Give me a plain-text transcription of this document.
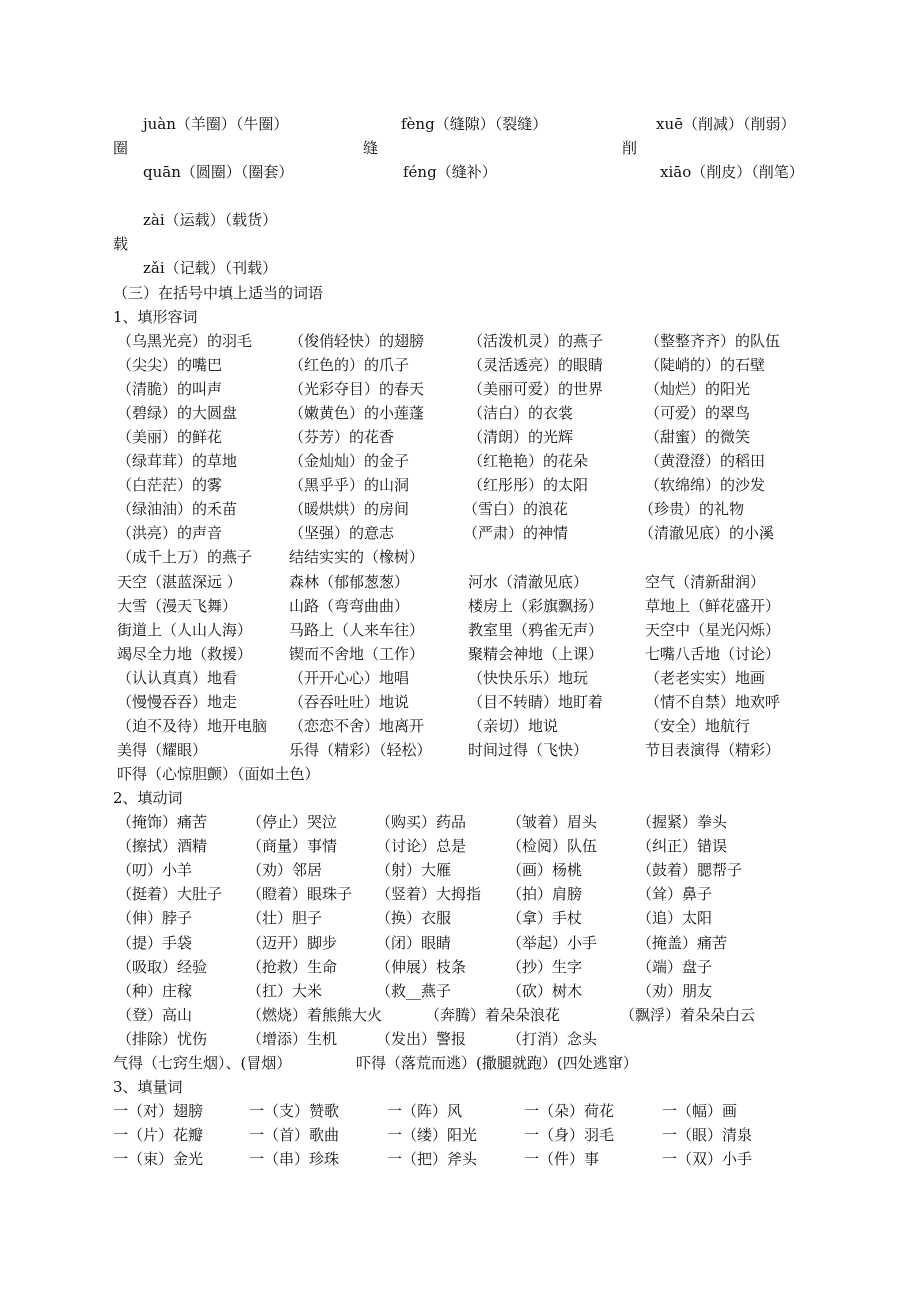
juàn（羊圈）（牛圈）	fèng（缝隙）（裂缝）	xuē（削减）（削弱）
圈	缝	削
quān（圆圈）（圈套）	féng（缝补）	xiāo（削皮）（削笔）
zài（运载）（载货）
载
zǎi（记载）（刊载）
（三）在括号中填上适当的词语
1、填形容词
（乌黑光亮）的羽毛 （俊俏轻快）的翅膀	（活泼机灵）的燕子	（整整齐齐）的队伍
（尖尖）的嘴巴	（红色的）的爪子	（灵活透亮）的眼睛	（陡峭的）的石壁
（清脆）的叫声	（光彩夺目）的春天	（美丽可爱）的世界	（灿烂）的阳光
（碧绿）的大圆盘	（嫩黄色）的小莲蓬	（洁白）的衣裳	（可爱）的翠鸟
（美丽）的鲜花	（芬芳）的花香	（清朗）的光辉	（甜蜜）的微笑
（绿茸茸）的草地	（金灿灿）的金子	（红艳艳）的花朵	（黄澄澄）的稻田
（白茫茫）的雾	（黑乎乎）的山洞	（红彤彤）的太阳	（软绵绵）的沙发
（绿油油）的禾苗	（暖烘烘）的房间	（雪白）的浪花	（珍贵）的礼物
（洪亮）的声音	（坚强）的意志	（严肃）的神情	（清澈见底）的小溪
（成千上万）的燕子 结结实实的（橡树）
天空（湛蓝深远 ）	森林（郁郁葱葱）	河水（清澈见底）	空气（清新甜润）
大雪（漫天飞舞）	山路（弯弯曲曲）	楼房上（彩旗飘扬）	草地上（鲜花盛开）
街道上（人山人海） 马路上（人来车往）	教室里（鸦雀无声）	天空中（星光闪烁）
竭尽全力地（救援） 锲而不舍地（工作）	聚精会神地（上课）	七嘴八舌地（讨论）
（认认真真）地看	（开开心心）地唱	（快快乐乐）地玩	（老老实实）地画
（慢慢吞吞）地走	（吞吞吐吐）地说	（目不转睛）地盯着	（情不自禁）地欢呼
（迫不及待）地开电脑 （恋恋不舍）地离开	（亲切）地说	（安全）地航行
美得（耀眼）	乐得（精彩）（轻松） 时间过得（飞快）	节目表演得（精彩）
吓得（心惊胆颤）（面如土色）
2、填动词
（掩饰）痛苦	（停止）哭泣	（购买）药品	（皱着）眉头	（握紧）拳头
（擦拭）酒精	（商量）事情	（讨论）总是	（检阅）队伍	（纠正）错误
（叨）小羊	（劝）邻居	（射）大雁	（画）杨桃	（鼓着）腮帮子
（挺着）大肚子 （瞪着）眼珠子 （竖着）大拇指 （拍）肩膀	（耸）鼻子
（伸）脖子	（壮）胆子	（换）衣服	（拿）手杖	（追）太阳
（提）手袋	（迈开）脚步	（闭）眼睛	（举起）小手	（掩盖）痛苦
（吸取）经验	（抢救）生命	（伸展）枝条	（抄）生字	（端）盘子
（种）庄稼	（扛）大米	（救__燕子	（砍）树木	（劝）朋友
（登）高山	（燃烧）着熊熊大火	（奔腾）着朵朵浪花	（飘浮）着朵朵白云
（排除）忧伤	（增添）生机	（发出）警报	（打消）念头
气得（七窍生烟）、(冒烟）	吓得（落荒而逃）(撒腿就跑）(四处逃窜）
3、填量词
一（对）翅膀	一（支）赞歌	一（阵）风	一（朵）荷花	一（幅）画
一（片）花瓣	一（首）歌曲	一（缕）阳光	一（身）羽毛	一（眼）清泉
一（束）金光	一（串）珍珠	一（把）斧头	一（件）事	一（双）小手
